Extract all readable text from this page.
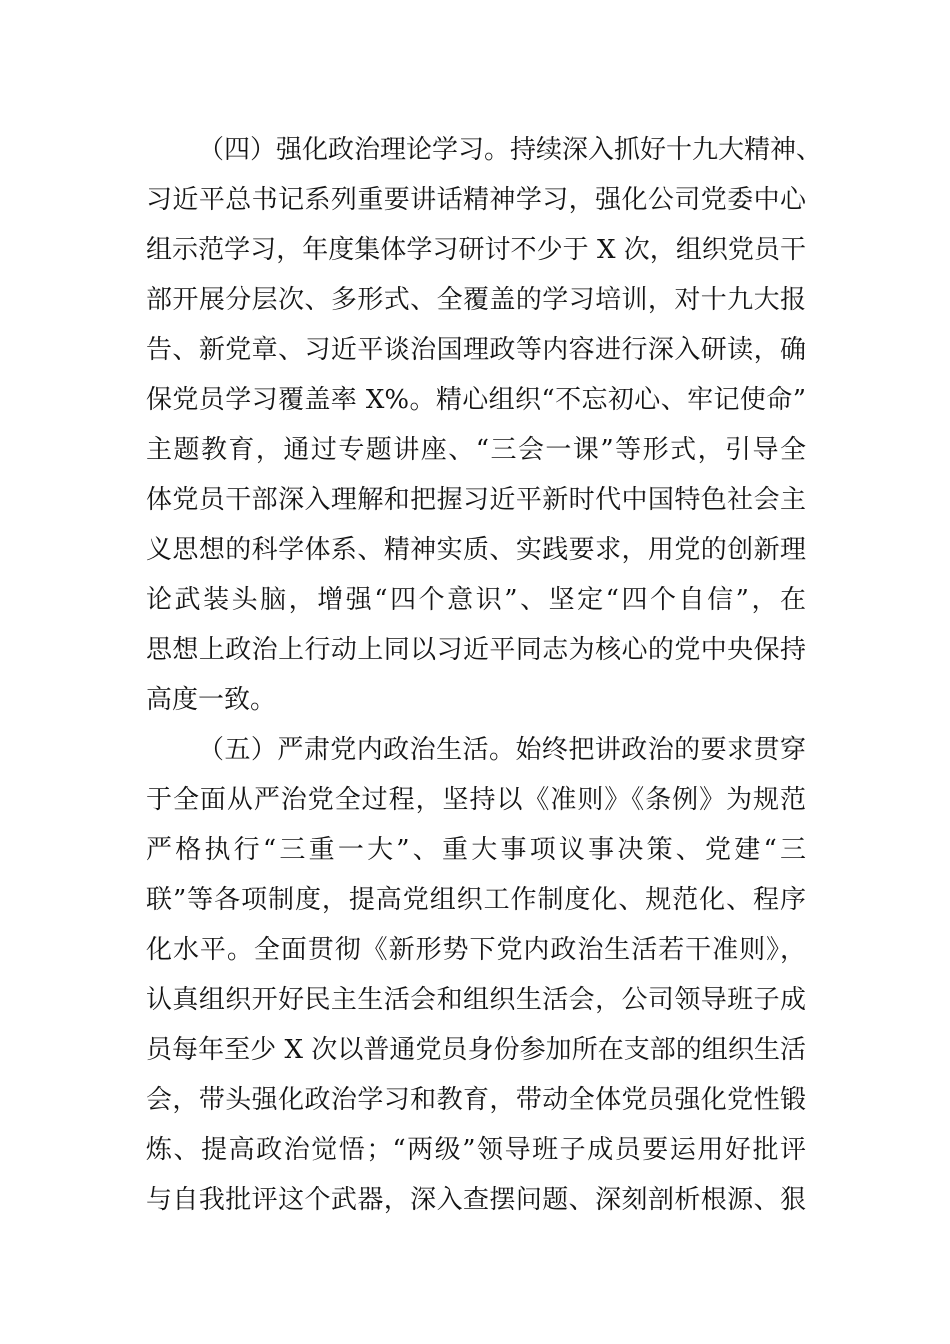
（四）强化政治理论学习。持续深入抓好十九大精神、
习近平总书记系列重要讲话精神学习，强化公司党委中心
组示范学习，年度集体学习研讨不少于 X 次，组织党员干
部开展分层次、多形式、全覆盖的学习培训，对十九大报
告、新党章、习近平谈治国理政等内容进行深入研读，确
保党员学习覆盖率 X%。精心组织“不忘初心、牢记使命”
主题教育，通过专题讲座、“三会一课”等形式，引导全
体党员干部深入理解和把握习近平新时代中国特色社会主
义思想的科学体系、精神实质、实践要求，用党的创新理
论武装头脑，增强“四个意识”、坚定“四个自信”，在
思想上政治上行动上同以习近平同志为核心的党中央保持
高度一致。
（五）严肃党内政治生活。始终把讲政治的要求贯穿
于全面从严治党全过程，坚持以《准则》《条例》为规范
严格执行“三重一大”、重大事项议事决策、党建“三
联”等各项制度，提高党组织工作制度化、规范化、程序
化水平。全面贯彻《新形势下党内政治生活若干准则》，
认真组织开好民主生活会和组织生活会，公司领导班子成
员每年至少 X 次以普通党员身份参加所在支部的组织生活
会，带头强化政治学习和教育，带动全体党员强化党性锻
炼、提高政治觉悟；“两级”领导班子成员要运用好批评
与自我批评这个武器，深入查摆问题、深刻剖析根源、狠
